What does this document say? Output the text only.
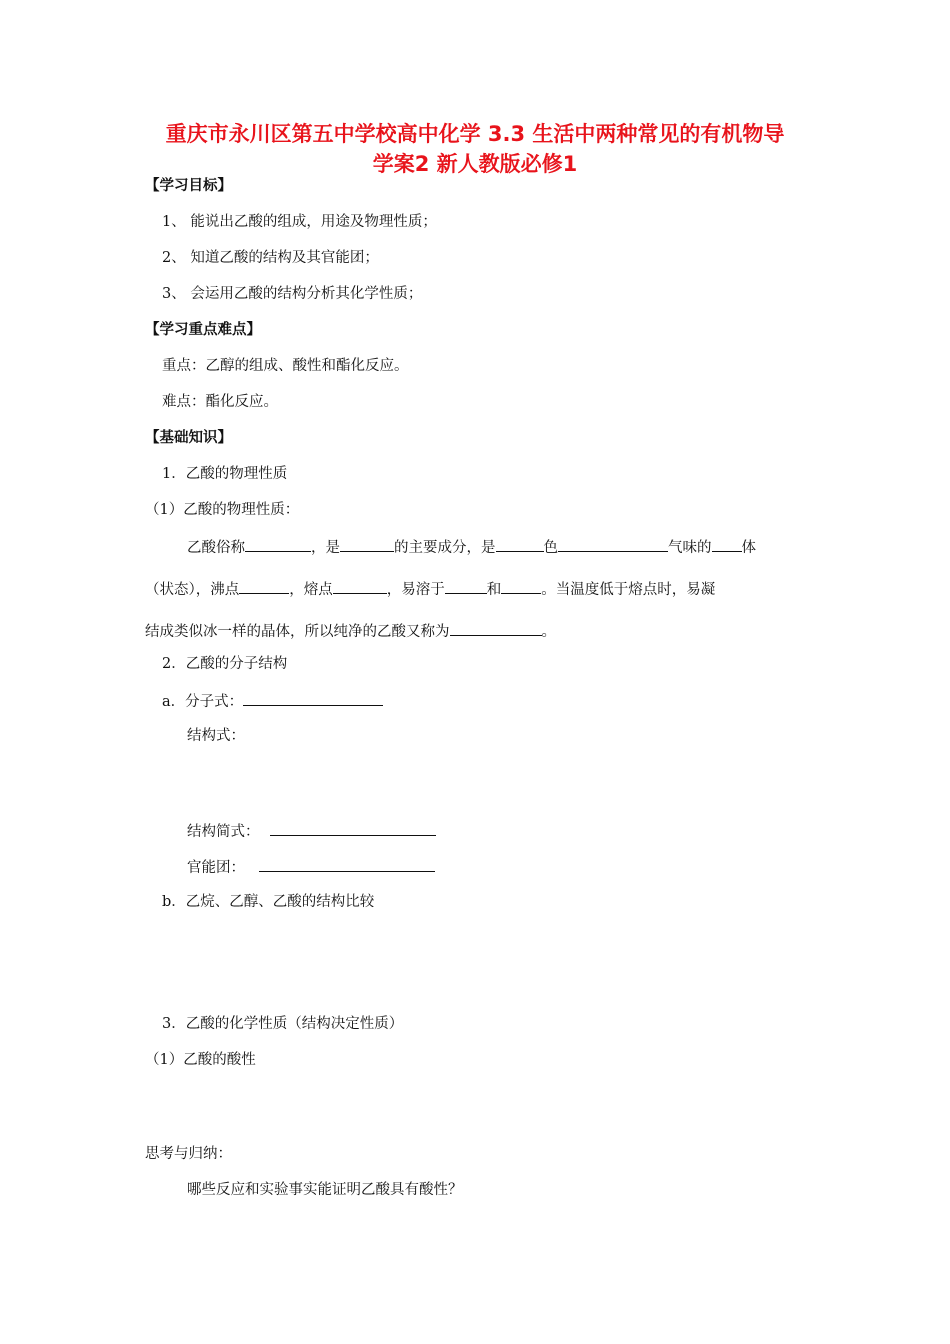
重庆市永川区第五中学校高中化学 3.3 生活中两种常见的有机物导
学案2 新人教版必修1
【学习目标】
1、 能说出乙酸的组成，用途及物理性质；
2、 知道乙酸的结构及其官能团；
3、 会运用乙酸的结构分析其化学性质；
【学习重点难点】
重点：乙醇的组成、酸性和酯化反应。
难点：酯化反应。
【基础知识】
1．乙酸的物理性质
（1）乙酸的物理性质：
乙酸俗称	，是	的主要成分，是	色	气味的 体
（状态），沸点	，熔点	，易溶于	和	。当温度低于熔点时，易凝
结成类似冰一样的晶体，所以纯净的乙酸又称为	。
2．乙酸的分子结构
a．分子式：
结构式：
结构简式：
官能团：
b．乙烷、乙醇、乙酸的结构比较
3．乙酸的化学性质（结构决定性质）
（1）乙酸的酸性
思考与归纳：
哪些反应和实验事实能证明乙酸具有酸性？
